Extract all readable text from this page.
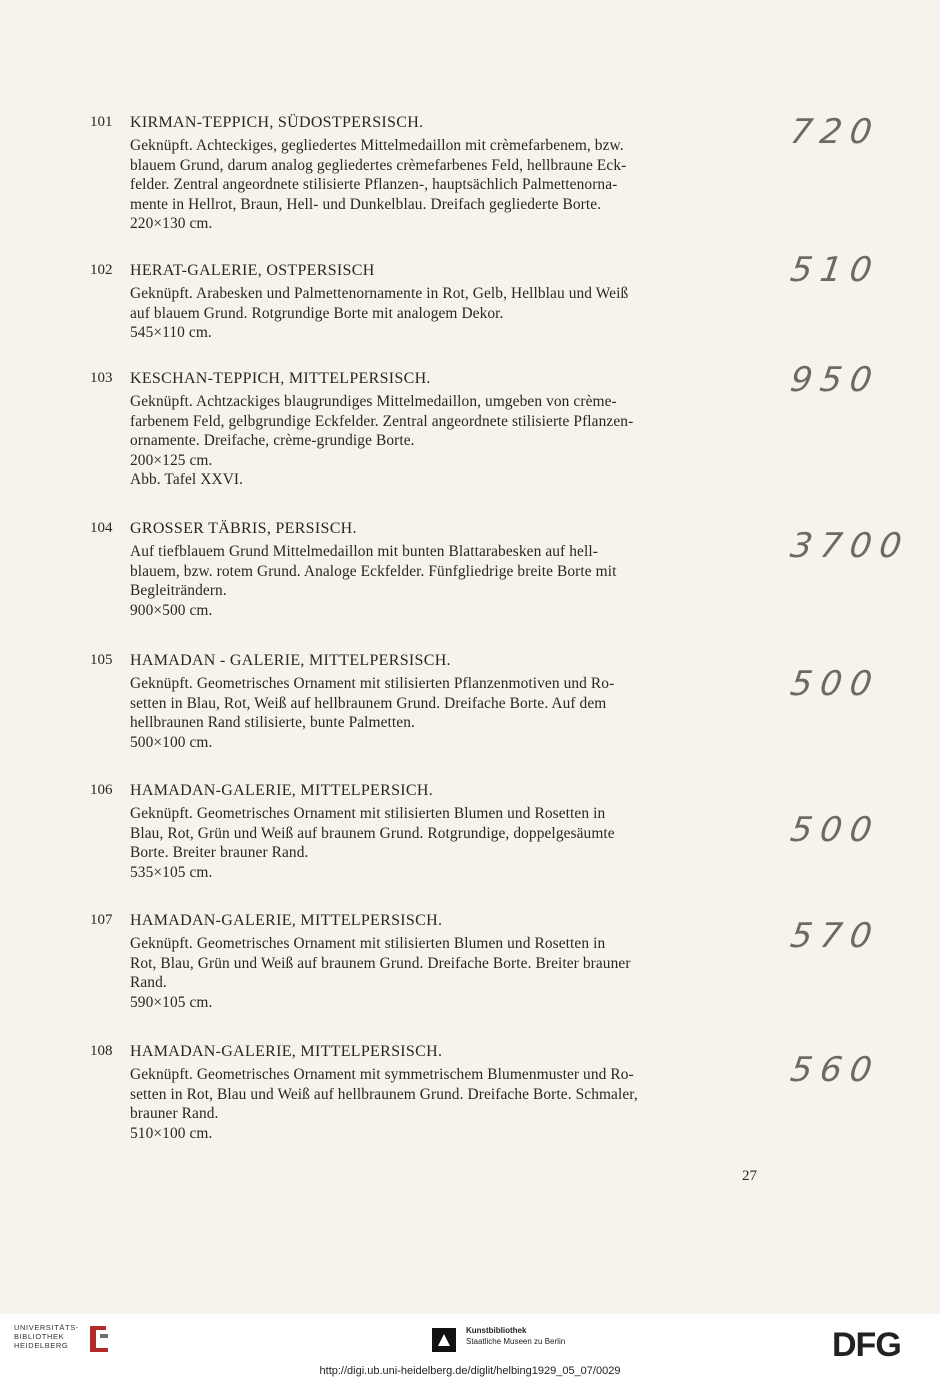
101	KIRMAN-TEPPICH, SÜDOSTPERSISCH.
Geknüpft. Achteckiges, gegliedertes Mittelmedaillon mit crèmefarbenem, bzw.
blauem Grund, darum analog gegliedertes crèmefarbenes Feld, hellbraune Eck-
felder. Zentral angeordnete stilisierte Pflanzen-, hauptsächlich Palmettenorna-
mente in Hellrot, Braun, Hell- und Dunkelblau. Dreifach gegliederte Borte.
220×130 cm.
720
102	HERAT-GALERIE, OSTPERSISCH
Geknüpft. Arabesken und Palmettenornamente in Rot, Gelb, Hellblau und Weiß
auf blauem Grund. Rotgrundige Borte mit analogem Dekor.
545×110 cm.
510
103	KESCHAN-TEPPICH, MITTELPERSISCH.
Geknüpft. Achtzackiges blaugrundiges Mittelmedaillon, umgeben von crème-
farbenem Feld, gelbgrundige Eckfelder. Zentral angeordnete stilisierte Pflanzen-
ornamente. Dreifache, crème-grundige Borte.
200×125 cm.
Abb. Tafel XXVI.
950
104	GROSSER TÄBRIS, PERSISCH.
Auf tiefblauem Grund Mittelmedaillon mit bunten Blattarabesken auf hell-
blauem, bzw. rotem Grund. Analoge Eckfelder. Fünfgliedrige breite Borte mit
Begleiträndern.
900×500 cm.
3700
105	HAMADAN - GALERIE, MITTELPERSISCH.
Geknüpft. Geometrisches Ornament mit stilisierten Pflanzenmotiven und Ro-
setten in Blau, Rot, Weiß auf hellbraunem Grund. Dreifache Borte. Auf dem
hellbraunen Rand stilisierte, bunte Palmetten.
500×100 cm.
500
106	HAMADAN-GALERIE, MITTELPERSICH.
Geknüpft. Geometrisches Ornament mit stilisierten Blumen und Rosetten in
Blau, Rot, Grün und Weiß auf braunem Grund. Rotgrundige, doppelgesäumte
Borte. Breiter brauner Rand.
535×105 cm.
500
107	HAMADAN-GALERIE, MITTELPERSISCH.
Geknüpft. Geometrisches Ornament mit stilisierten Blumen und Rosetten in
Rot, Blau, Grün und Weiß auf braunem Grund. Dreifache Borte. Breiter brauner
Rand.
590×105 cm.
570
108	HAMADAN-GALERIE, MITTELPERSISCH.
Geknüpft. Geometrisches Ornament mit symmetrischem Blumenmuster und Ro-
setten in Rot, Blau und Weiß auf hellbraunem Grund. Dreifache Borte. Schmaler,
brauner Rand.
510×100 cm.
560
27
UNIVERSITÄTS-
BIBLIOTHEK
HEIDELBERG
Kunstbibliothek
Staatliche Museen zu Berlin	DFG
http://digi.ub.uni-heidelberg.de/diglit/helbing1929_05_07/0029
